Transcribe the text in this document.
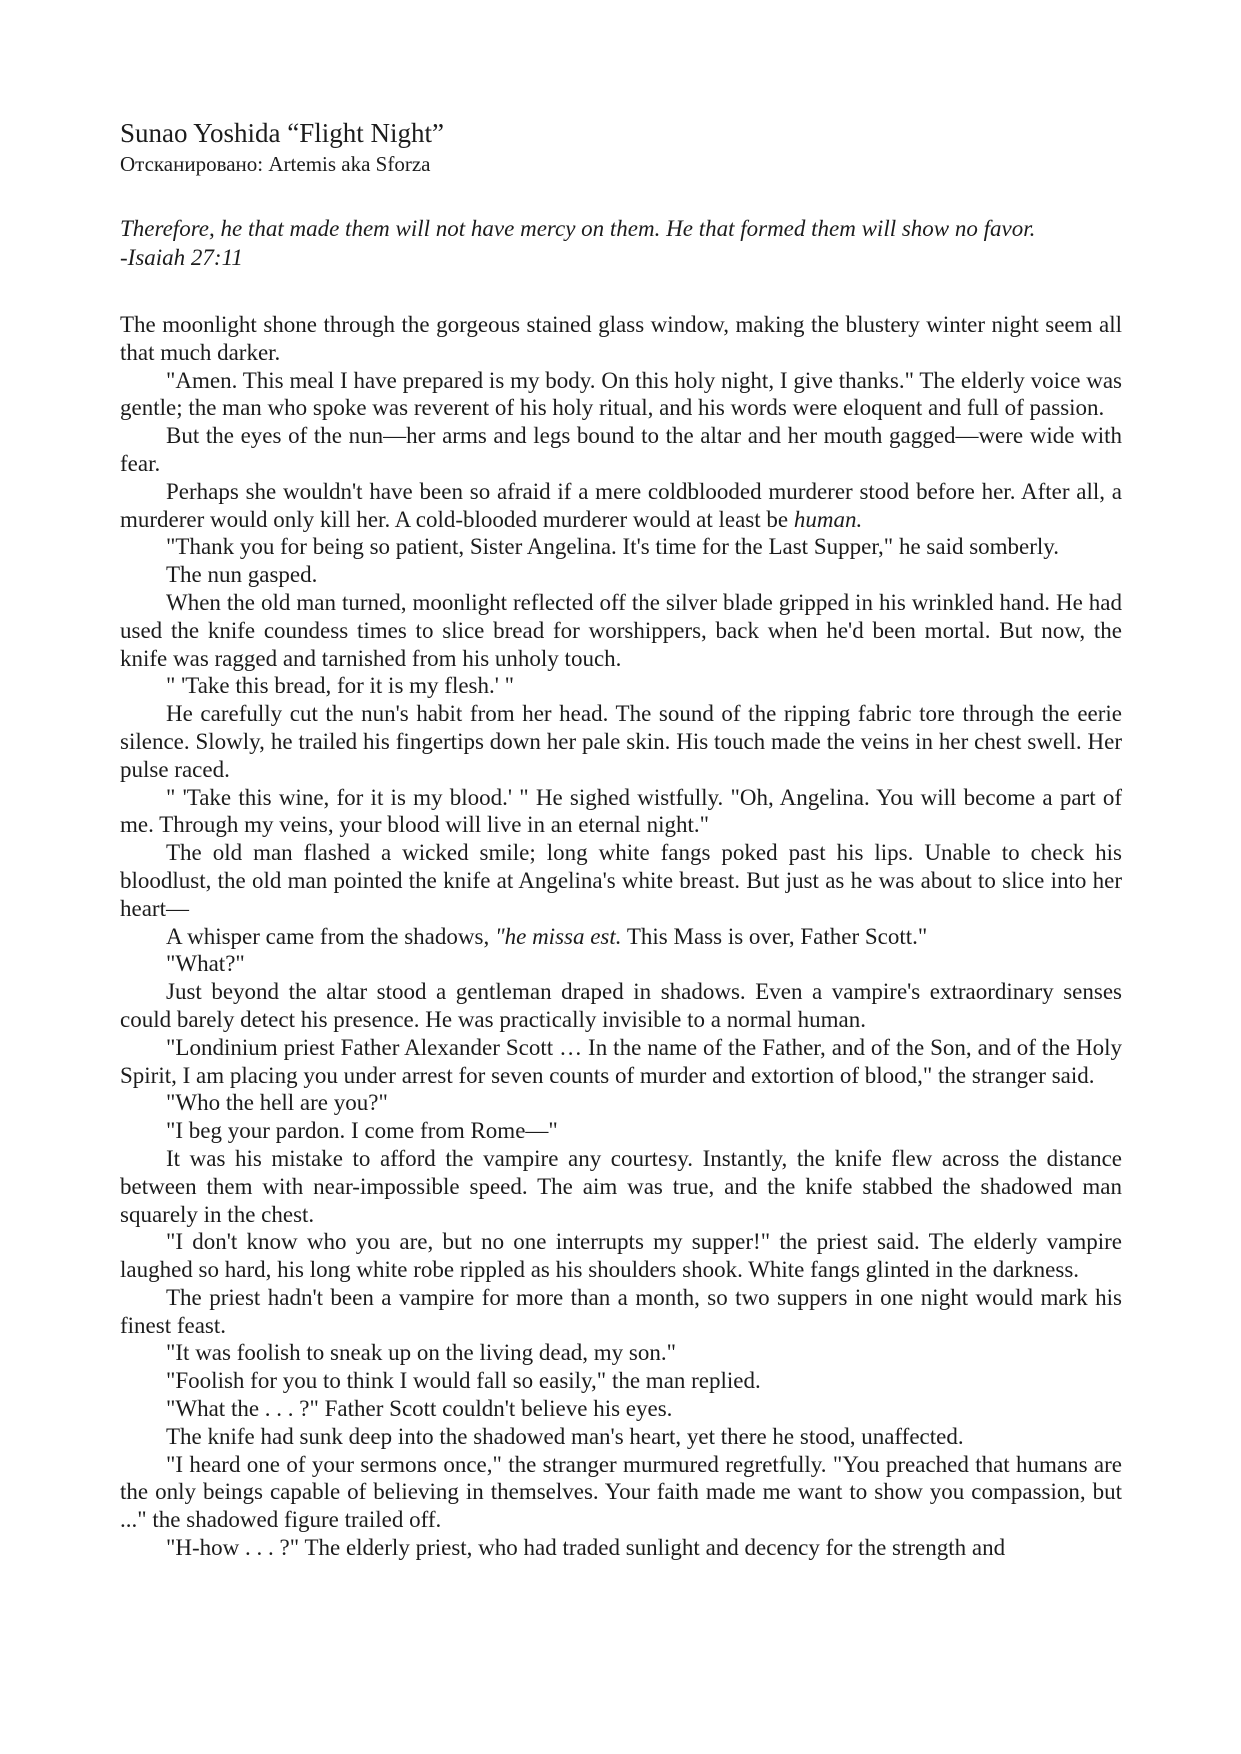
Sunao Yoshida “Flight Night”

Отсканировано: Artemis aka Sforza

Therefore, he that made them will not have mercy on them. He that formed them will show no favor.

-Isaiah 27:11

The moonlight shone through the gorgeous stained glass window, making the blustery winter night seem all that much darker.

"Amen. This meal I have prepared is my body. On this holy night, I give thanks." The elderly voice was gentle; the man who spoke was reverent of his holy ritual, and his words were eloquent and full of passion.

But the eyes of the nun—her arms and legs bound to the altar and her mouth gagged—were wide with fear.

Perhaps she wouldn't have been so afraid if a mere coldblooded murderer stood before her. After all, a murderer would only kill her. A cold-blooded murderer would at least be human.

"Thank you for being so patient, Sister Angelina. It's time for the Last Supper," he said somberly.

The nun gasped.

When the old man turned, moonlight reflected off the silver blade gripped in his wrinkled hand. He had used the knife coundess times to slice bread for worshippers, back when he'd been mortal. But now, the knife was ragged and tarnished from his unholy touch.

" 'Take this bread, for it is my flesh.' "

He carefully cut the nun's habit from her head. The sound of the ripping fabric tore through the eerie silence. Slowly, he trailed his fingertips down her pale skin. His touch made the veins in her chest swell. Her pulse raced.

" 'Take this wine, for it is my blood.' " He sighed wistfully. "Oh, Angelina. You will become a part of me. Through my veins, your blood will live in an eternal night."

The old man flashed a wicked smile; long white fangs poked past his lips. Unable to check his bloodlust, the old man pointed the knife at Angelina's white breast. But just as he was about to slice into her heart—

A whisper came from the shadows, "he missa est. This Mass is over, Father Scott."

"What?"

Just beyond the altar stood a gentleman draped in shadows. Even a vampire's extraordinary senses could barely detect his presence. He was practically invisible to a normal human.

"Londinium priest Father Alexander Scott … In the name of the Father, and of the Son, and of the Holy Spirit, I am placing you under arrest for seven counts of murder and extortion of blood," the stranger said.

"Who the hell are you?"

"I beg your pardon. I come from Rome—"

It was his mistake to afford the vampire any courtesy. Instantly, the knife flew across the distance between them with near-impossible speed. The aim was true, and the knife stabbed the shadowed man squarely in the chest.

"I don't know who you are, but no one interrupts my supper!" the priest said. The elderly vampire laughed so hard, his long white robe rippled as his shoulders shook. White fangs glinted in the darkness.

The priest hadn't been a vampire for more than a month, so two suppers in one night would mark his finest feast.

"It was foolish to sneak up on the living dead, my son."

"Foolish for you to think I would fall so easily," the man replied.

"What the . . . ?" Father Scott couldn't believe his eyes.

The knife had sunk deep into the shadowed man's heart, yet there he stood, unaffected.

"I heard one of your sermons once," the stranger murmured regretfully. "You preached that humans are the only beings capable of believing in themselves. Your faith made me want to show you compassion, but ..." the shadowed figure trailed off.

"H-how . . . ?" The elderly priest, who had traded sunlight and decency for the strength and
